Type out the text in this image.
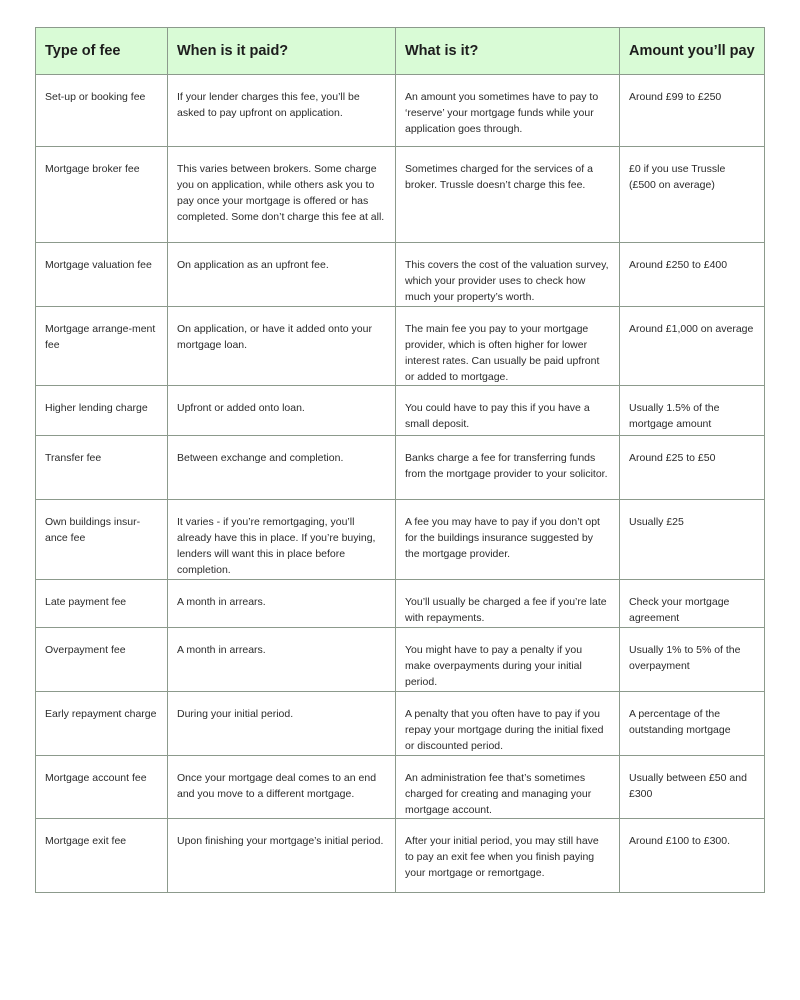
Type of fee	When is it paid?	What is it?	Amount you’ll pay
Set-up or booking fee	If your lender charges this fee, you’ll be asked to pay upfront on application.	An amount you sometimes have to pay to ‘reserve’ your mortgage funds while your application goes through.	Around £99 to £250
Mortgage broker fee	This varies between brokers. Some charge you on application, while others ask you to pay once your mortgage is offered or has completed. Some don’t charge this fee at all.	Sometimes charged for the services of a broker. Trussle doesn’t charge this fee.	£0 if you use Trussle (£500 on average)
Mortgage valuation fee	On application as an upfront fee.	This covers the cost of the valuation survey, which your provider uses to check how much your property’s worth.	Around £250 to £400
Mortgage arrange-ment fee	On application, or have it added onto your mortgage loan.	The main fee you pay to your mortgage provider, which is often higher for lower interest rates. Can usually be paid upfront or added to mortgage.	Around £1,000 on average
Higher lending charge	Upfront or added onto loan.	You could have to pay this if you have a small deposit.	Usually 1.5% of the mortgage amount
Transfer fee	Between exchange and completion.	Banks charge a fee for transferring funds from the mortgage provider to your solicitor.	Around £25 to £50
Own buildings insur-ance fee	It varies - if you’re remortgaging, you’ll already have this in place. If you’re buying, lenders will want this in place before completion.	A fee you may have to pay if you don’t opt for the buildings insurance suggested by the mortgage provider.	Usually £25
Late payment fee	A month in arrears.	You’ll usually be charged a fee if you’re late with repayments.	Check your mortgage agreement
Overpayment fee	A month in arrears.	You might have to pay a penalty if you make overpayments during your initial period.	Usually 1% to 5% of the overpayment
Early repayment charge	During your initial period.	A penalty that you often have to pay if you repay your mortgage during the initial fixed or discounted period.	A percentage of the outstanding mortgage
Mortgage account fee	Once your mortgage deal comes to an end and you move to a different mortgage.	An administration fee that’s sometimes charged for creating and managing your mortgage account.	Usually between £50 and £300
Mortgage exit fee	Upon finishing your mortgage’s initial period.	After your initial period, you may still have to pay an exit fee when you finish paying your mortgage or remortgage.	Around £100 to £300.
